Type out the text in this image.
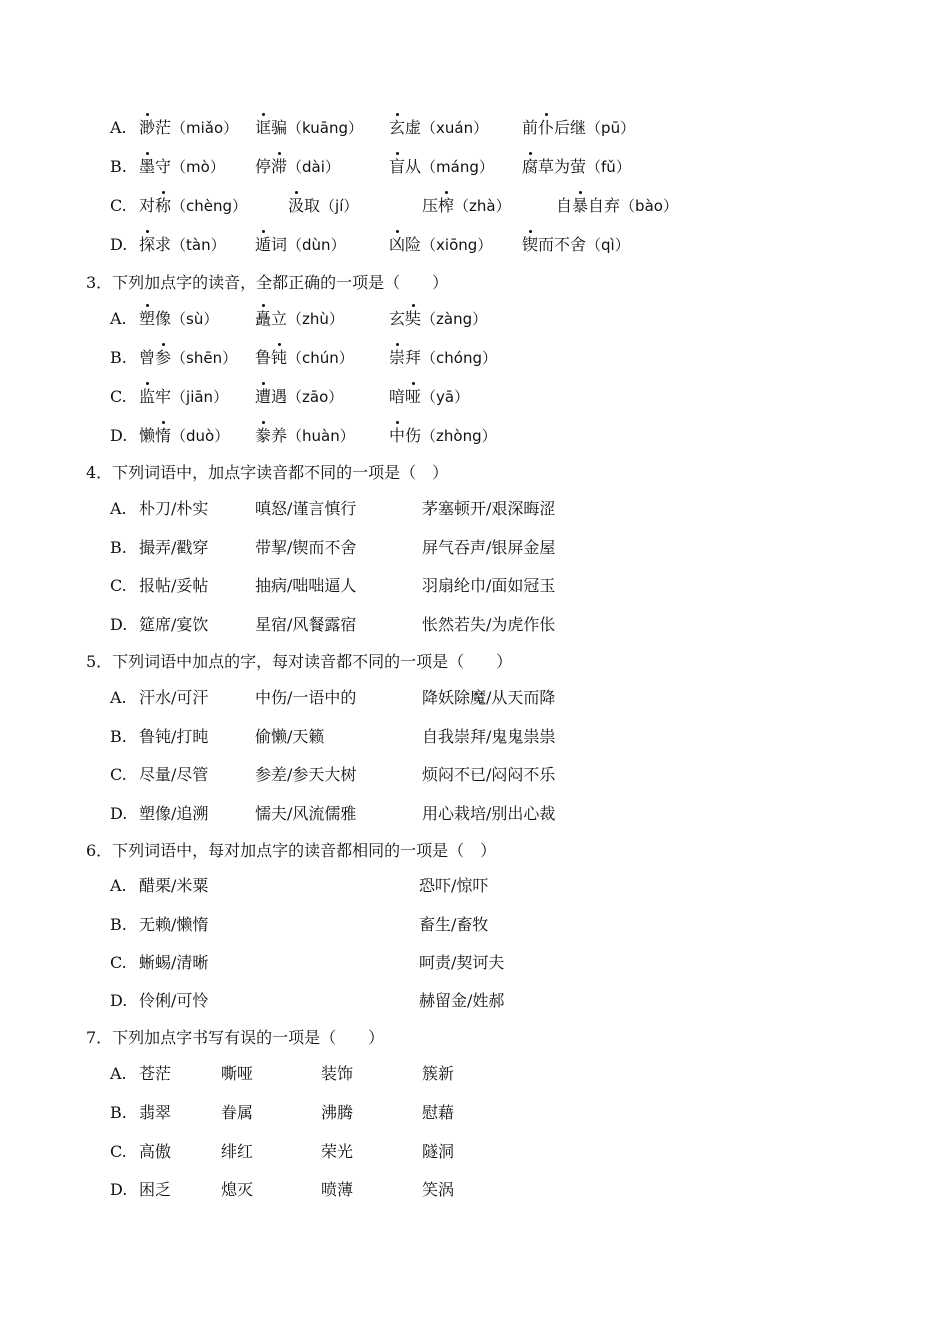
A. 渺茫（miǎo） 诓骗（kuāng） 玄虚（xuán） 前仆后继（pū）
B. 墨守（mò） 停滞（dài）	盲从（máng） 腐草为萤（fǔ）
C. 对称（chèng）	汲取（jí）	压榨（zhà）	自暴自弃（bào）
D. 探求（tàn） 遁词（dùn）	凶险（xiōng） 锲而不舍（qì）
3．下列加点字的读音，全都正确的一项是（　　）
A. 塑像（sù） 矗立（zhù）	玄奘（zàng）
B. 曾参（shēn） 鲁钝（chún） 崇拜（chóng）
C. 监牢（jiān） 遭遇（zāo）	喑哑（yā）
D. 懒惰（duò） 豢养（huàn） 中伤（zhòng）
4．下列词语中，加点字读音都不同的一项是（　）
A. 朴刀/朴实	嗔怒/谨言慎行	茅塞顿开/艰深晦涩
B. 撮弄/戳穿	带挈/锲而不舍	屏气吞声/银屏金屋
C. 报帖/妥帖	抽病/咄咄逼人	羽扇纶巾/面如冠玉
D. 筵席/宴饮	星宿/风餐露宿	怅然若失/为虎作伥
5．下列词语中加点的字，每对读音都不同的一项是（　　）
A. 汗水/可汗	中伤/一语中的	降妖除魔/从天而降
B. 鲁钝/打盹	偷懒/天籁	自我崇拜/鬼鬼祟祟
C. 尽量/尽管	参差/参天大树	烦闷不已/闷闷不乐
D. 塑像/追溯	懦夫/风流儒雅	用心栽培/别出心裁
6．下列词语中，每对加点字的读音都相同的一项是（　）
A. 醋栗/米粟	恐吓/惊吓
B. 无赖/懒惰	畜生/畜牧
C. 蜥蜴/清晰	呵责/契诃夫
D. 伶俐/可怜	赫留金/姓郝
7．下列加点字书写有误的一项是（　　）
A. 苍茫	嘶哑	装饰	簇新
B. 翡翠	眷属	沸腾	慰藉
C. 高傲	绯红	荣光	隧洞
D. 困乏	熄灭	喷薄	笑涡
